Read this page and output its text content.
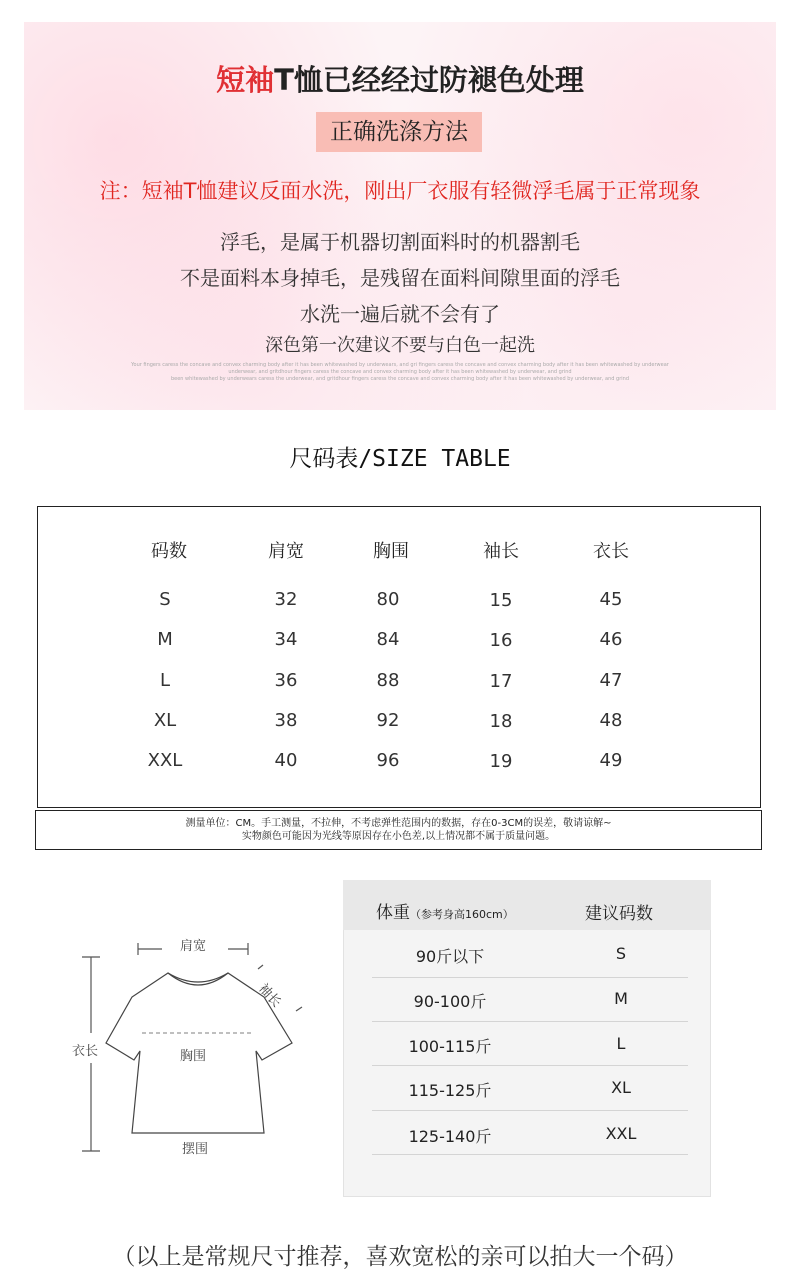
短袖T恤已经经过防褪色处理
正确洗涤方法
注：短袖T恤建议反面水洗，刚出厂衣服有轻微浮毛属于正常现象
浮毛，是属于机器切割面料时的机器割毛
不是面料本身掉毛，是残留在面料间隙里面的浮毛
水洗一遍后就不会有了
深色第一次建议不要与白色一起洗
Your fingers caress the concave and convex charming body after it has been whitewashed by underwears, and gri fingers caress the concave and convex charming body after it has been whitewashed by underwear
underwear, and gritdhour fingers caress the concave and convex charming body after it has been whitewashed by underwear, and grind
been whitewashed by underwears caress the underwear, and gritdhour fingers caress the concave and convex charming body after it has been whitewashed by underwear, and grind
尺码表/SIZE TABLE
码数	肩宽	胸围	袖长	衣长
S	32	80	15	45
M	34	84	16	46
L	36	88	17	47
XL	38	92	18	48
XXL	40	96	19	49
测量单位：CM。手工测量，不拉伸，不考虑弹性范围内的数据，存在0-3CM的误差，敬请谅解~
实物颜色可能因为光线等原因存在小色差,以上情况都不属于质量问题。
肩宽
袖长
衣长	胸围
摆围
体重（参考身高160cm）	建议码数
90斤以下	S
90-100斤	M
100-115斤	L
115-125斤	XL
125-140斤	XXL
（以上是常规尺寸推荐，喜欢宽松的亲可以拍大一个码）
